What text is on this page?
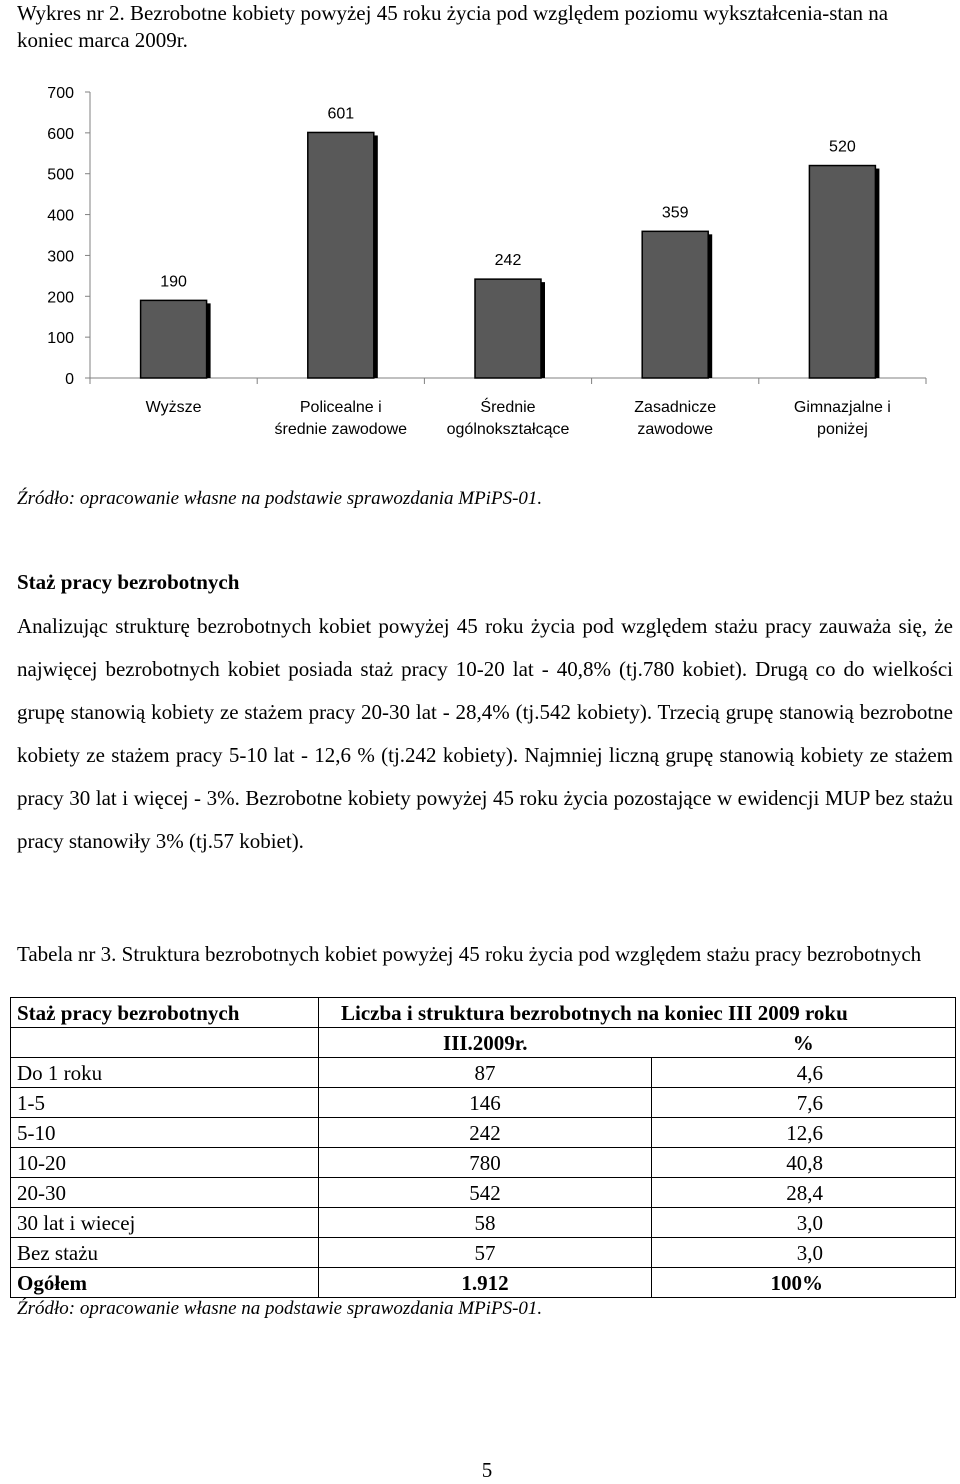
Wykres nr 2. Bezrobotne kobiety powyżej 45 roku życia pod względem poziomu wykształcenia-stan na koniec marca 2009r.
0
100
200
300
400
500
600
700
190
Wyższe
601
Policealne i
średnie zawodowe
242
Średnie
ogólnokształcące
359
Zasadnicze
zawodowe
520
Gimnazjalne i
poniżej
Źródło: opracowanie własne na podstawie sprawozdania MPiPS-01.
Staż pracy bezrobotnych

Analizując strukturę bezrobotnych kobiet powyżej 45 roku życia pod względem stażu pracy zauważa się, że najwięcej bezrobotnych kobiet posiada staż pracy 10-20 lat - 40,8% (tj.780 kobiet). Drugą co do wielkości grupę stanowią kobiety ze stażem pracy 20-30 lat - 28,4% (tj.542 kobiety). Trzecią grupę stanowią bezrobotne kobiety ze stażem pracy 5-10 lat - 12,6 % (tj.242 kobiety). Najmniej liczną grupę stanowią kobiety ze stażem pracy 30 lat i więcej - 3%. Bezrobotne kobiety powyżej 45 roku życia pozostające w ewidencji MUP bez stażu pracy stanowiły 3% (tj.57 kobiet).

Tabela nr 3. Struktura bezrobotnych kobiet powyżej 45 roku życia pod względem stażu pracy bezrobotnych
Staż pracy bezrobotnych	Liczba i struktura bezrobotnych na koniec III 2009 roku	
	III.2009r.	%
Do 1 roku	87	4,6
1-5	146	7,6
5-10	242	12,6
10-20	780	40,8
20-30	542	28,4
30 lat i wiecej	58	3,0
Bez stażu	57	3,0
Ogółem	1.912	100%
Źródło: opracowanie własne na podstawie sprawozdania MPiPS-01.
5
